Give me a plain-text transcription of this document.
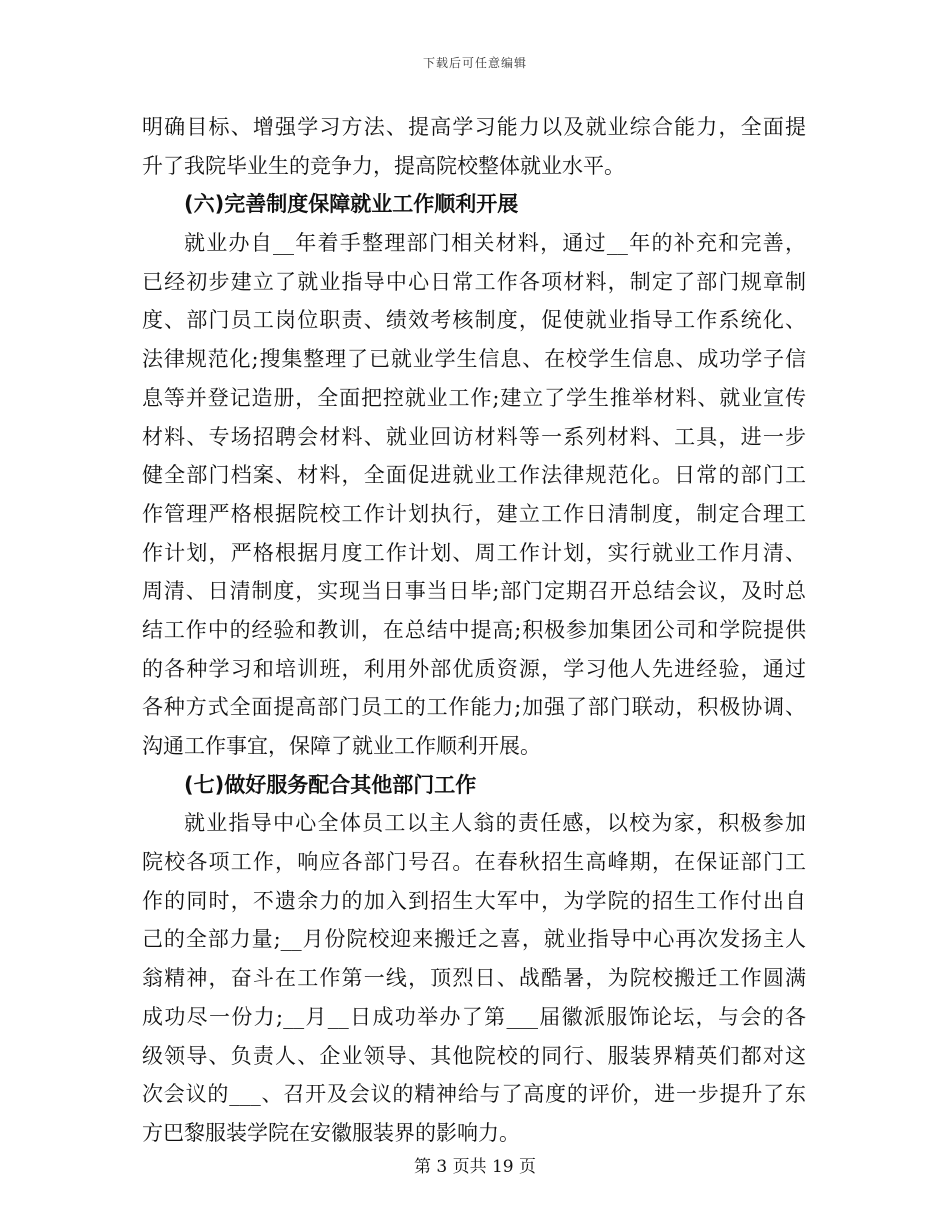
下载后可任意编辑
明确目标、增强学习方法、提高学习能力以及就业综合能力，全面提
升了我院毕业生的竞争力，提高院校整体就业水平。
(六)完善制度保障就业工作顺利开展
就业办自__年着手整理部门相关材料，通过__年的补充和完善，
已经初步建立了就业指导中心日常工作各项材料，制定了部门规章制
度、部门员工岗位职责、绩效考核制度，促使就业指导工作系统化、
法律规范化;搜集整理了已就业学生信息、在校学生信息、成功学子信
息等并登记造册，全面把控就业工作;建立了学生推举材料、就业宣传
材料、专场招聘会材料、就业回访材料等一系列材料、工具，进一步
健全部门档案、材料，全面促进就业工作法律规范化。日常的部门工
作管理严格根据院校工作计划执行，建立工作日清制度，制定合理工
作计划，严格根据月度工作计划、周工作计划，实行就业工作月清、
周清、日清制度，实现当日事当日毕;部门定期召开总结会议，及时总
结工作中的经验和教训，在总结中提高;积极参加集团公司和学院提供
的各种学习和培训班，利用外部优质资源，学习他人先进经验，通过
各种方式全面提高部门员工的工作能力;加强了部门联动，积极协调、
沟通工作事宜，保障了就业工作顺利开展。
(七)做好服务配合其他部门工作
就业指导中心全体员工以主人翁的责任感，以校为家，积极参加
院校各项工作，响应各部门号召。在春秋招生高峰期，在保证部门工
作的同时，不遗余力的加入到招生大军中，为学院的招生工作付出自
己的全部力量;__月份院校迎来搬迁之喜，就业指导中心再次发扬主人
翁精神，奋斗在工作第一线，顶烈日、战酷暑，为院校搬迁工作圆满
成功尽一份力;__月__日成功举办了第___届徽派服饰论坛，与会的各
级领导、负责人、企业领导、其他院校的同行、服装界精英们都对这
次会议的___、召开及会议的精神给与了高度的评价，进一步提升了东
方巴黎服装学院在安徽服装界的影响力。
第 3 页共 19 页
